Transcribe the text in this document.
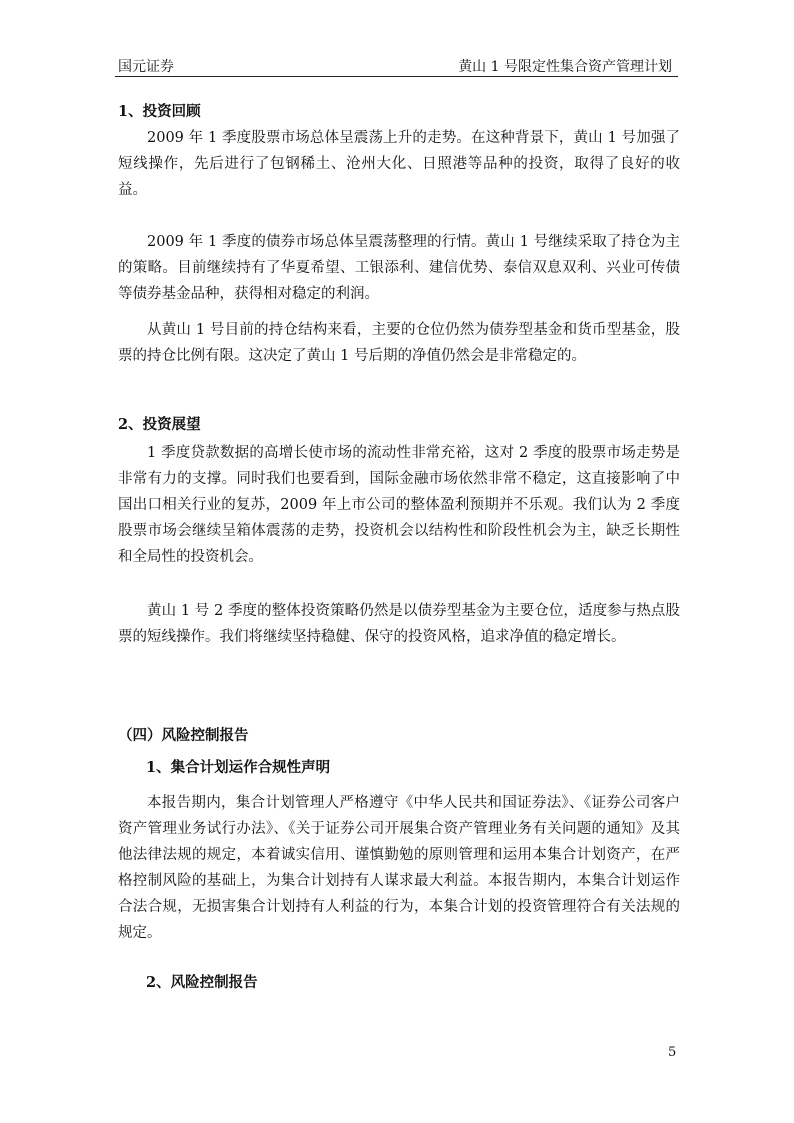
国元证券	黄山 1 号限定性集合资产管理计划
1、投资回顾

2009 年 1 季度股票市场总体呈震荡上升的走势。在这种背景下，黄山 1 号加强了短线操作，先后进行了包钢稀土、沧州大化、日照港等品种的投资，取得了良好的收益。

2009 年 1 季度的债券市场总体呈震荡整理的行情。黄山 1 号继续采取了持仓为主的策略。目前继续持有了华夏希望、工银添利、建信优势、泰信双息双利、兴业可传债等债券基金品种，获得相对稳定的利润。

从黄山 1 号目前的持仓结构来看，主要的仓位仍然为债券型基金和货币型基金，股票的持仓比例有限。这决定了黄山 1 号后期的净值仍然会是非常稳定的。

2、投资展望

1 季度贷款数据的高增长使市场的流动性非常充裕，这对 2 季度的股票市场走势是非常有力的支撑。同时我们也要看到，国际金融市场依然非常不稳定，这直接影响了中国出口相关行业的复苏，2009 年上市公司的整体盈利预期并不乐观。我们认为 2 季度股票市场会继续呈箱体震荡的走势，投资机会以结构性和阶段性机会为主，缺乏长期性和全局性的投资机会。

黄山 1 号 2 季度的整体投资策略仍然是以债券型基金为主要仓位，适度参与热点股票的短线操作。我们将继续坚持稳健、保守的投资风格，追求净值的稳定增长。

（四）风险控制报告
1、集合计划运作合规性声明

本报告期内，集合计划管理人严格遵守《中华人民共和国证券法》、《证券公司客户资产管理业务试行办法》、《关于证券公司开展集合资产管理业务有关问题的通知》及其他法律法规的规定，本着诚实信用、谨慎勤勉的原则管理和运用本集合计划资产，在严格控制风险的基础上，为集合计划持有人谋求最大利益。本报告期内，本集合计划运作合法合规，无损害集合计划持有人利益的行为，本集合计划的投资管理符合有关法规的规定。

2、风险控制报告
5
